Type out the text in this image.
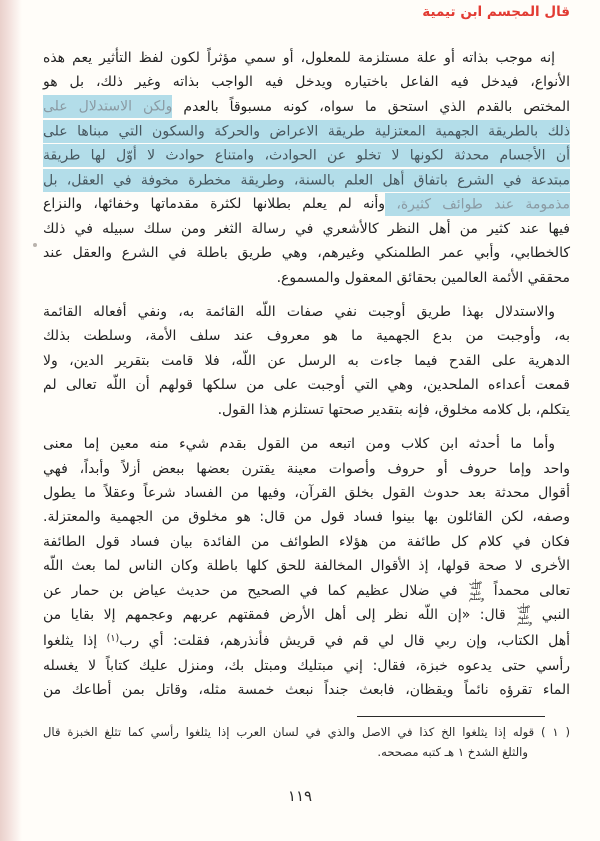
قال المجسم ابن تيمية
إنه موجب بذاته أو علة مستلزمة للمعلول، أو سمي مؤثراً لكون لفظ التأثير يعم هذه
الأنواع، فيدخل فيه الفاعل باختياره ويدخل فيه الواجب بذاته وغير ذلك، بل هو
المختص بالقدم الذي استحق ما سواه، كونه مسبوقاً بالعدم ولكن الاستدلال على
ذلك بالطريقة الجهمية المعتزلية طريقة الاعراض والحركة والسكون التي مبناها على
أن الأجسام محدثة لكونها لا تخلو عن الحوادث، وامتناع حوادث لا أوّل لها طريقة
مبتدعة في الشرع باتفاق أهل العلم بالسنة، وطريقة مخطرة مخوفة في العقل، بل
مذمومة عند طوائف كثيرة، وأنه لم يعلم بطلانها لكثرة مقدماتها وخفائها، والنزاع
فيها عند كثير من أهل النظر كالأشعري في رسالة الثغر ومن سلك سبيله في ذلك
كالخطابي، وأبي عمر الطلمنكي وغيرهم، وهي طريق باطلة في الشرع والعقل عند
محققي الأئمة العالمين بحقائق المعقول والمسموع.
والاستدلال بهذا طريق أوجبت نفي صفات اللّه القائمة به، ونفي أفعاله القائمة
به، وأوجبت من بدع الجهمية ما هو معروف عند سلف الأمة، وسلطت بذلك
الدهرية على القدح فيما جاءت به الرسل عن اللّه، فلا قامت بتقرير الدين، ولا
قمعت أعداءه الملحدين، وهي التي أوجبت على من سلكها قولهم أن اللّه تعالى لم
يتكلم، بل كلامه مخلوق، فإنه بتقدير صحتها تستلزم هذا القول.
وأما ما أحدثه ابن كلاب ومن اتبعه من القول بقدم شيء منه معين إما معنى
واحد وإما حروف أو حروف وأصوات معينة يقترن بعضها ببعض أزلاً وأبداً، فهي
أقوال محدثة بعد حدوث القول بخلق القرآن، وفيها من الفساد شرعاً وعقلاً ما يطول
وصفه، لكن القائلون بها بينوا فساد قول من قال: هو مخلوق من الجهمية والمعتزلة.
فكان في كلام كل طائفة من هؤلاء الطوائف من الفائدة بيان فساد قول الطائفة
الأخرى لا صحة قولها، إذ الأقوال المخالفة للحق كلها باطلة وكان الناس لما بعث اللّه
تعالى محمداً صلى الله عليه وسلم في ضلال عظيم كما في الصحيح من حديث عياض بن حمار عن
النبي صلى الله عليه وسلم قال: «إن اللّه نظر إلى أهل الأرض فمقتهم عربهم وعجمهم إلا بقايا من
أهل الكتاب، وإن ربي قال لي قم في قريش فأنذرهم، فقلت: أي رب$^{(١)}$ إذا يثلغوا
رأسي حتى يدعوه خبزة، فقال: إني مبتليك ومبتل بك، ومنزل عليك كتاباً لا يغسله
الماء تقرؤه نائماً ويقظان، فابعث جنداً نبعث خمسة مثله، وقاتل بمن أطاعك من
( ١ ) قوله إذا يثلغوا الخ كذا في الاصل والذي في لسان العرب إذا يثلغوا رأسي كما تثلغ الخبزة قال
والثلغ الشدخ ١ هـ كتبه مصححه.
١١٩
